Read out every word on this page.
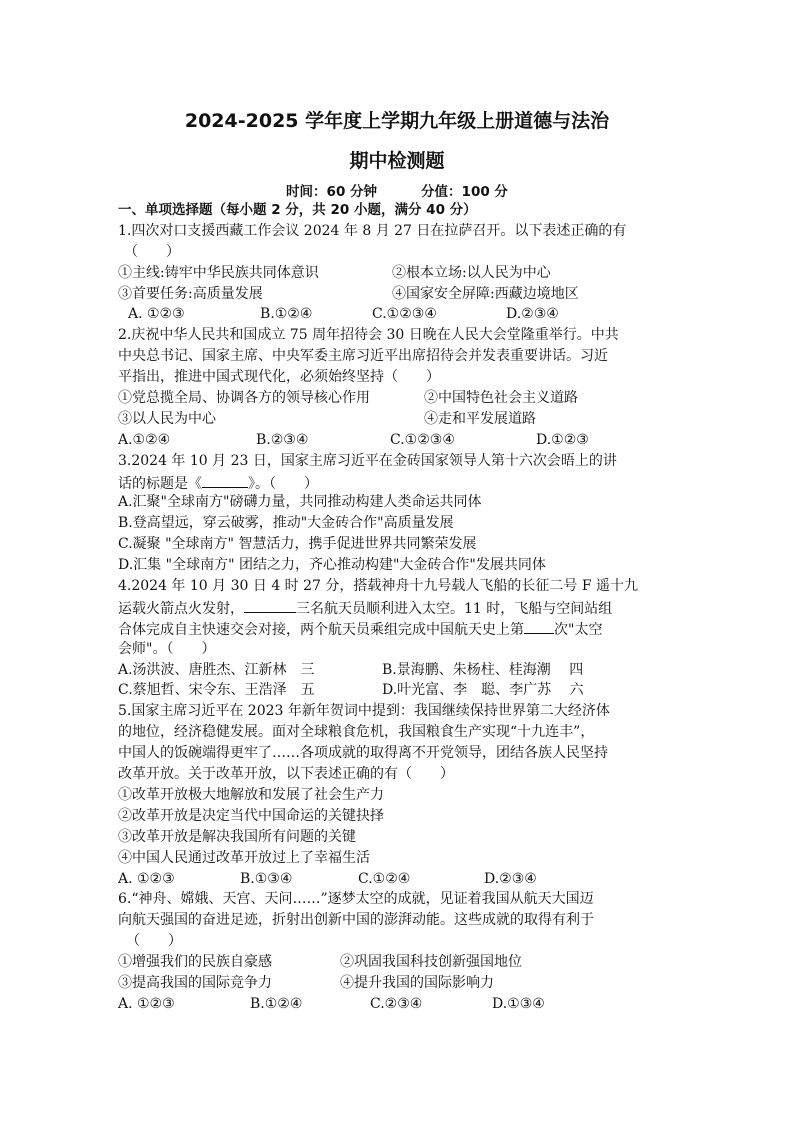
2024-2025 学年度上学期九年级上册道德与法治
期中检测题
时间：60 分钟	分值：100 分
一、单项选择题（每小题 2 分，共 20 小题，满分 40 分）
1.四次对口支援西藏工作会议 2024 年 8 月 27 日在拉萨召开。以下表述正确的有
（　　）
①主线:铸牢中华民族共同体意识	②根本立场:以人民为中心
③首要任务:高质量发展	④国家安全屏障:西藏边境地区
A. ①②③	B.①②④	C.①②③④	D.②③④
2.庆祝中华人民共和国成立 75 周年招待会 30 日晚在人民大会堂隆重举行。中共
中央总书记、国家主席、中央军委主席习近平出席招待会并发表重要讲话。习近
平指出，推进中国式现代化，必须始终坚持（　　）
①党总揽全局、协调各方的领导核心作用	②中国特色社会主义道路
③以人民为中心	④走和平发展道路
A.①②④	B.②③④	C.①②③④	D.①②③
3.2024 年 10 月 23 日，国家主席习近平在金砖国家领导人第十六次会晤上的讲
话的标题是《	》。（　　）
A.汇聚"全球南方"磅礴力量，共同推动构建人类命运共同体
B.登高望远，穿云破雾，推动"大金砖合作"高质量发展
C.凝聚 "全球南方" 智慧活力，携手促进世界共同繁荣发展
D.汇集 "全球南方" 团结之力，齐心推动构建"大金砖合作"发展共同体
4.2024 年 10 月 30 日 4 时 27 分，搭载神舟十九号载人飞船的长征二号 F 遥十九
运载火箭点火发射，	三名航天员顺利进入太空。11 时，飞船与空间站组
合体完成自主快速交会对接，两个航天员乘组完成中国航天史上第 次"太空
会师"。（　　）
A.汤洪波、唐胜杰、江新林　三	B.景海鹏、朱杨柱、桂海潮　 四
C.蔡旭哲、宋令东、王浩泽　五	D.叶光富、李　聪、李广苏　 六
5.国家主席习近平在 2023 年新年贺词中提到：我国继续保持世界第二大经济体
的地位，经济稳健发展。面对全球粮食危机，我国粮食生产实现“十九连丰”，
中国人的饭碗端得更牢了……各项成就的取得离不开党领导，团结各族人民坚持
改革开放。关于改革开放，以下表述正确的有（　　）
①改革开放极大地解放和发展了社会生产力
②改革开放是决定当代中国命运的关键抉择
③改革开放是解决我国所有问题的关键
④中国人民通过改革开放过上了幸福生活
A. ①②③	B.①③④	C.①②④	D.②③④
6.“神舟、嫦娥、天宫、天问……”逐梦太空的成就，见证着我国从航天大国迈
向航天强国的奋进足迹，折射出创新中国的澎湃动能。这些成就的取得有利于
（　　）
①增强我们的民族自豪感	②巩固我国科技创新强国地位
③提高我国的国际竞争力	④提升我国的国际影响力
A. ①②③	B.①②④	C.②③④	D.①③④
